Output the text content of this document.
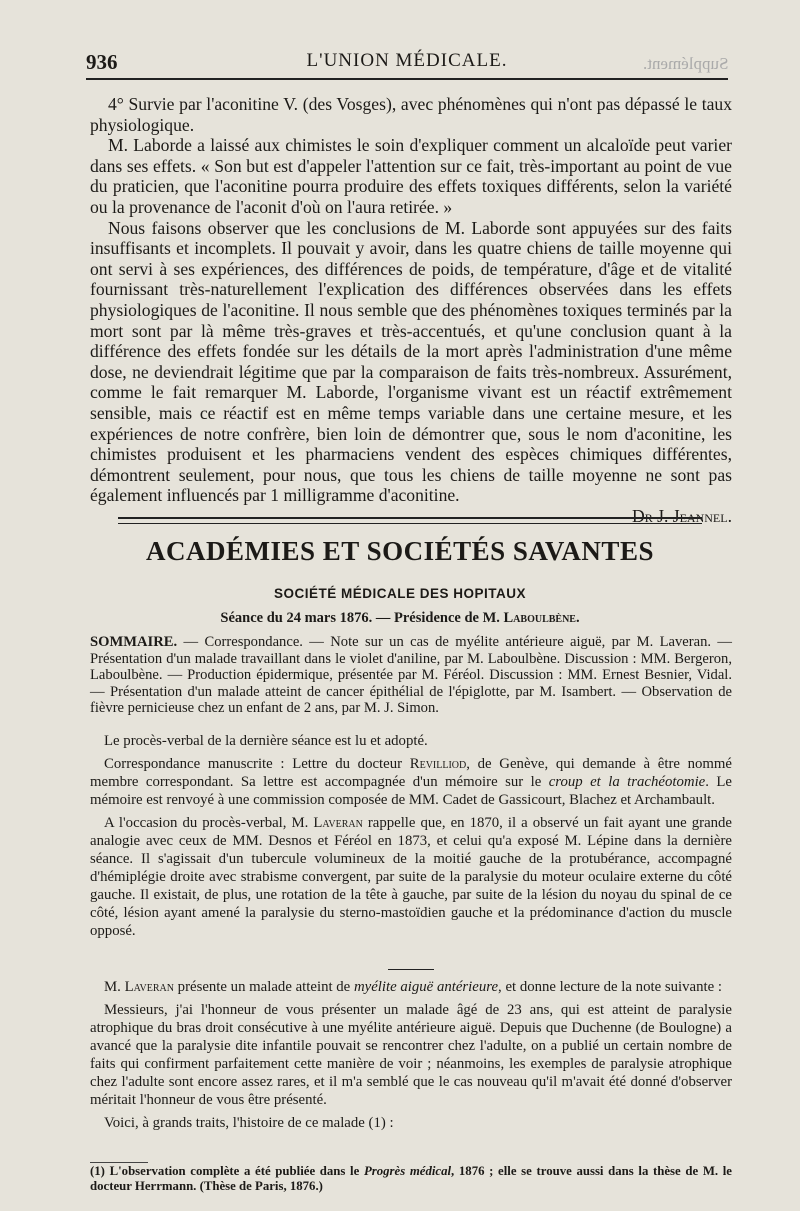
936	L'UNION MÉDICALE.	Supplément.

4° Survie par l'aconitine V. (des Vosges), avec phénomènes qui n'ont pas dépassé le taux physiologique.

M. Laborde a laissé aux chimistes le soin d'expliquer comment un alcaloïde peut varier dans ses effets. « Son but est d'appeler l'attention sur ce fait, très-important au point de vue du praticien, que l'aconitine pourra produire des effets toxiques différents, selon la variété ou la provenance de l'aconit d'où on l'aura retirée. »

Nous faisons observer que les conclusions de M. Laborde sont appuyées sur des faits insuffisants et incomplets. Il pouvait y avoir, dans les quatre chiens de taille moyenne qui ont servi à ses expériences, des différences de poids, de température, d'âge et de vitalité fournissant très-naturellement l'explication des différences observées dans les effets physiologiques de l'aconitine. Il nous semble que des phénomènes toxiques terminés par la mort sont par là même très-graves et très-accentués, et qu'une conclusion quant à la différence des effets fondée sur les détails de la mort après l'administration d'une même dose, ne deviendrait légitime que par la comparaison de faits très-nombreux. Assurément, comme le fait remarquer M. Laborde, l'organisme vivant est un réactif extrêmement sensible, mais ce réactif est en même temps variable dans une certaine mesure, et les expériences de notre confrère, bien loin de démontrer que, sous le nom d'aconitine, les chimistes produisent et les pharmaciens vendent des espèces chimiques différentes, démontrent seulement, pour nous, que tous les chiens de taille moyenne ne sont pas également influencés par 1 milligramme d'aconitine.

Dr J. Jeannel.
ACADÉMIES ET SOCIÉTÉS SAVANTES
SOCIÉTÉ MÉDICALE DES HOPITAUX
Séance du 24 mars 1876. — Présidence de M. Laboulbène.
SOMMAIRE. — Correspondance. — Note sur un cas de myélite antérieure aiguë, par M. Laveran. — Présentation d'un malade travaillant dans le violet d'aniline, par M. Laboulbène. Discussion : MM. Bergeron, Laboulbène. — Production épidermique, présentée par M. Féréol. Discussion : MM. Ernest Besnier, Vidal. — Présentation d'un malade atteint de cancer épithélial de l'épiglotte, par M. Isambert. — Observation de fièvre pernicieuse chez un enfant de 2 ans, par M. J. Simon.

Le procès-verbal de la dernière séance est lu et adopté.

Correspondance manuscrite : Lettre du docteur Revilliod, de Genève, qui demande à être nommé membre correspondant. Sa lettre est accompagnée d'un mémoire sur le croup et la trachéotomie. Le mémoire est renvoyé à une commission composée de MM. Cadet de Gassicourt, Blachez et Archambault.

A l'occasion du procès-verbal, M. Laveran rappelle que, en 1870, il a observé un fait ayant une grande analogie avec ceux de MM. Desnos et Féréol en 1873, et celui qu'a exposé M. Lépine dans la dernière séance. Il s'agissait d'un tubercule volumineux de la moitié gauche de la protubérance, accompagné d'hémiplégie droite avec strabisme convergent, par suite de la paralysie du moteur oculaire externe du côté gauche. Il existait, de plus, une rotation de la tête à gauche, par suite de la lésion du noyau du spinal de ce côté, lésion ayant amené la paralysie du sterno-mastoïdien gauche et la prédominance d'action du muscle opposé.

M. Laveran présente un malade atteint de myélite aiguë antérieure, et donne lecture de la note suivante :

Messieurs, j'ai l'honneur de vous présenter un malade âgé de 23 ans, qui est atteint de paralysie atrophique du bras droit consécutive à une myélite antérieure aiguë. Depuis que Duchenne (de Boulogne) a avancé que la paralysie dite infantile pouvait se rencontrer chez l'adulte, on a publié un certain nombre de faits qui confirment parfaitement cette manière de voir ; néanmoins, les exemples de paralysie atrophique chez l'adulte sont encore assez rares, et il m'a semblé que le cas nouveau qu'il m'avait été donné d'observer méritait l'honneur de vous être présenté.

Voici, à grands traits, l'histoire de ce malade (1) :

(1) L'observation complète a été publiée dans le Progrès médical, 1876 ; elle se trouve aussi dans la thèse de M. le docteur Herrmann. (Thèse de Paris, 1876.)
